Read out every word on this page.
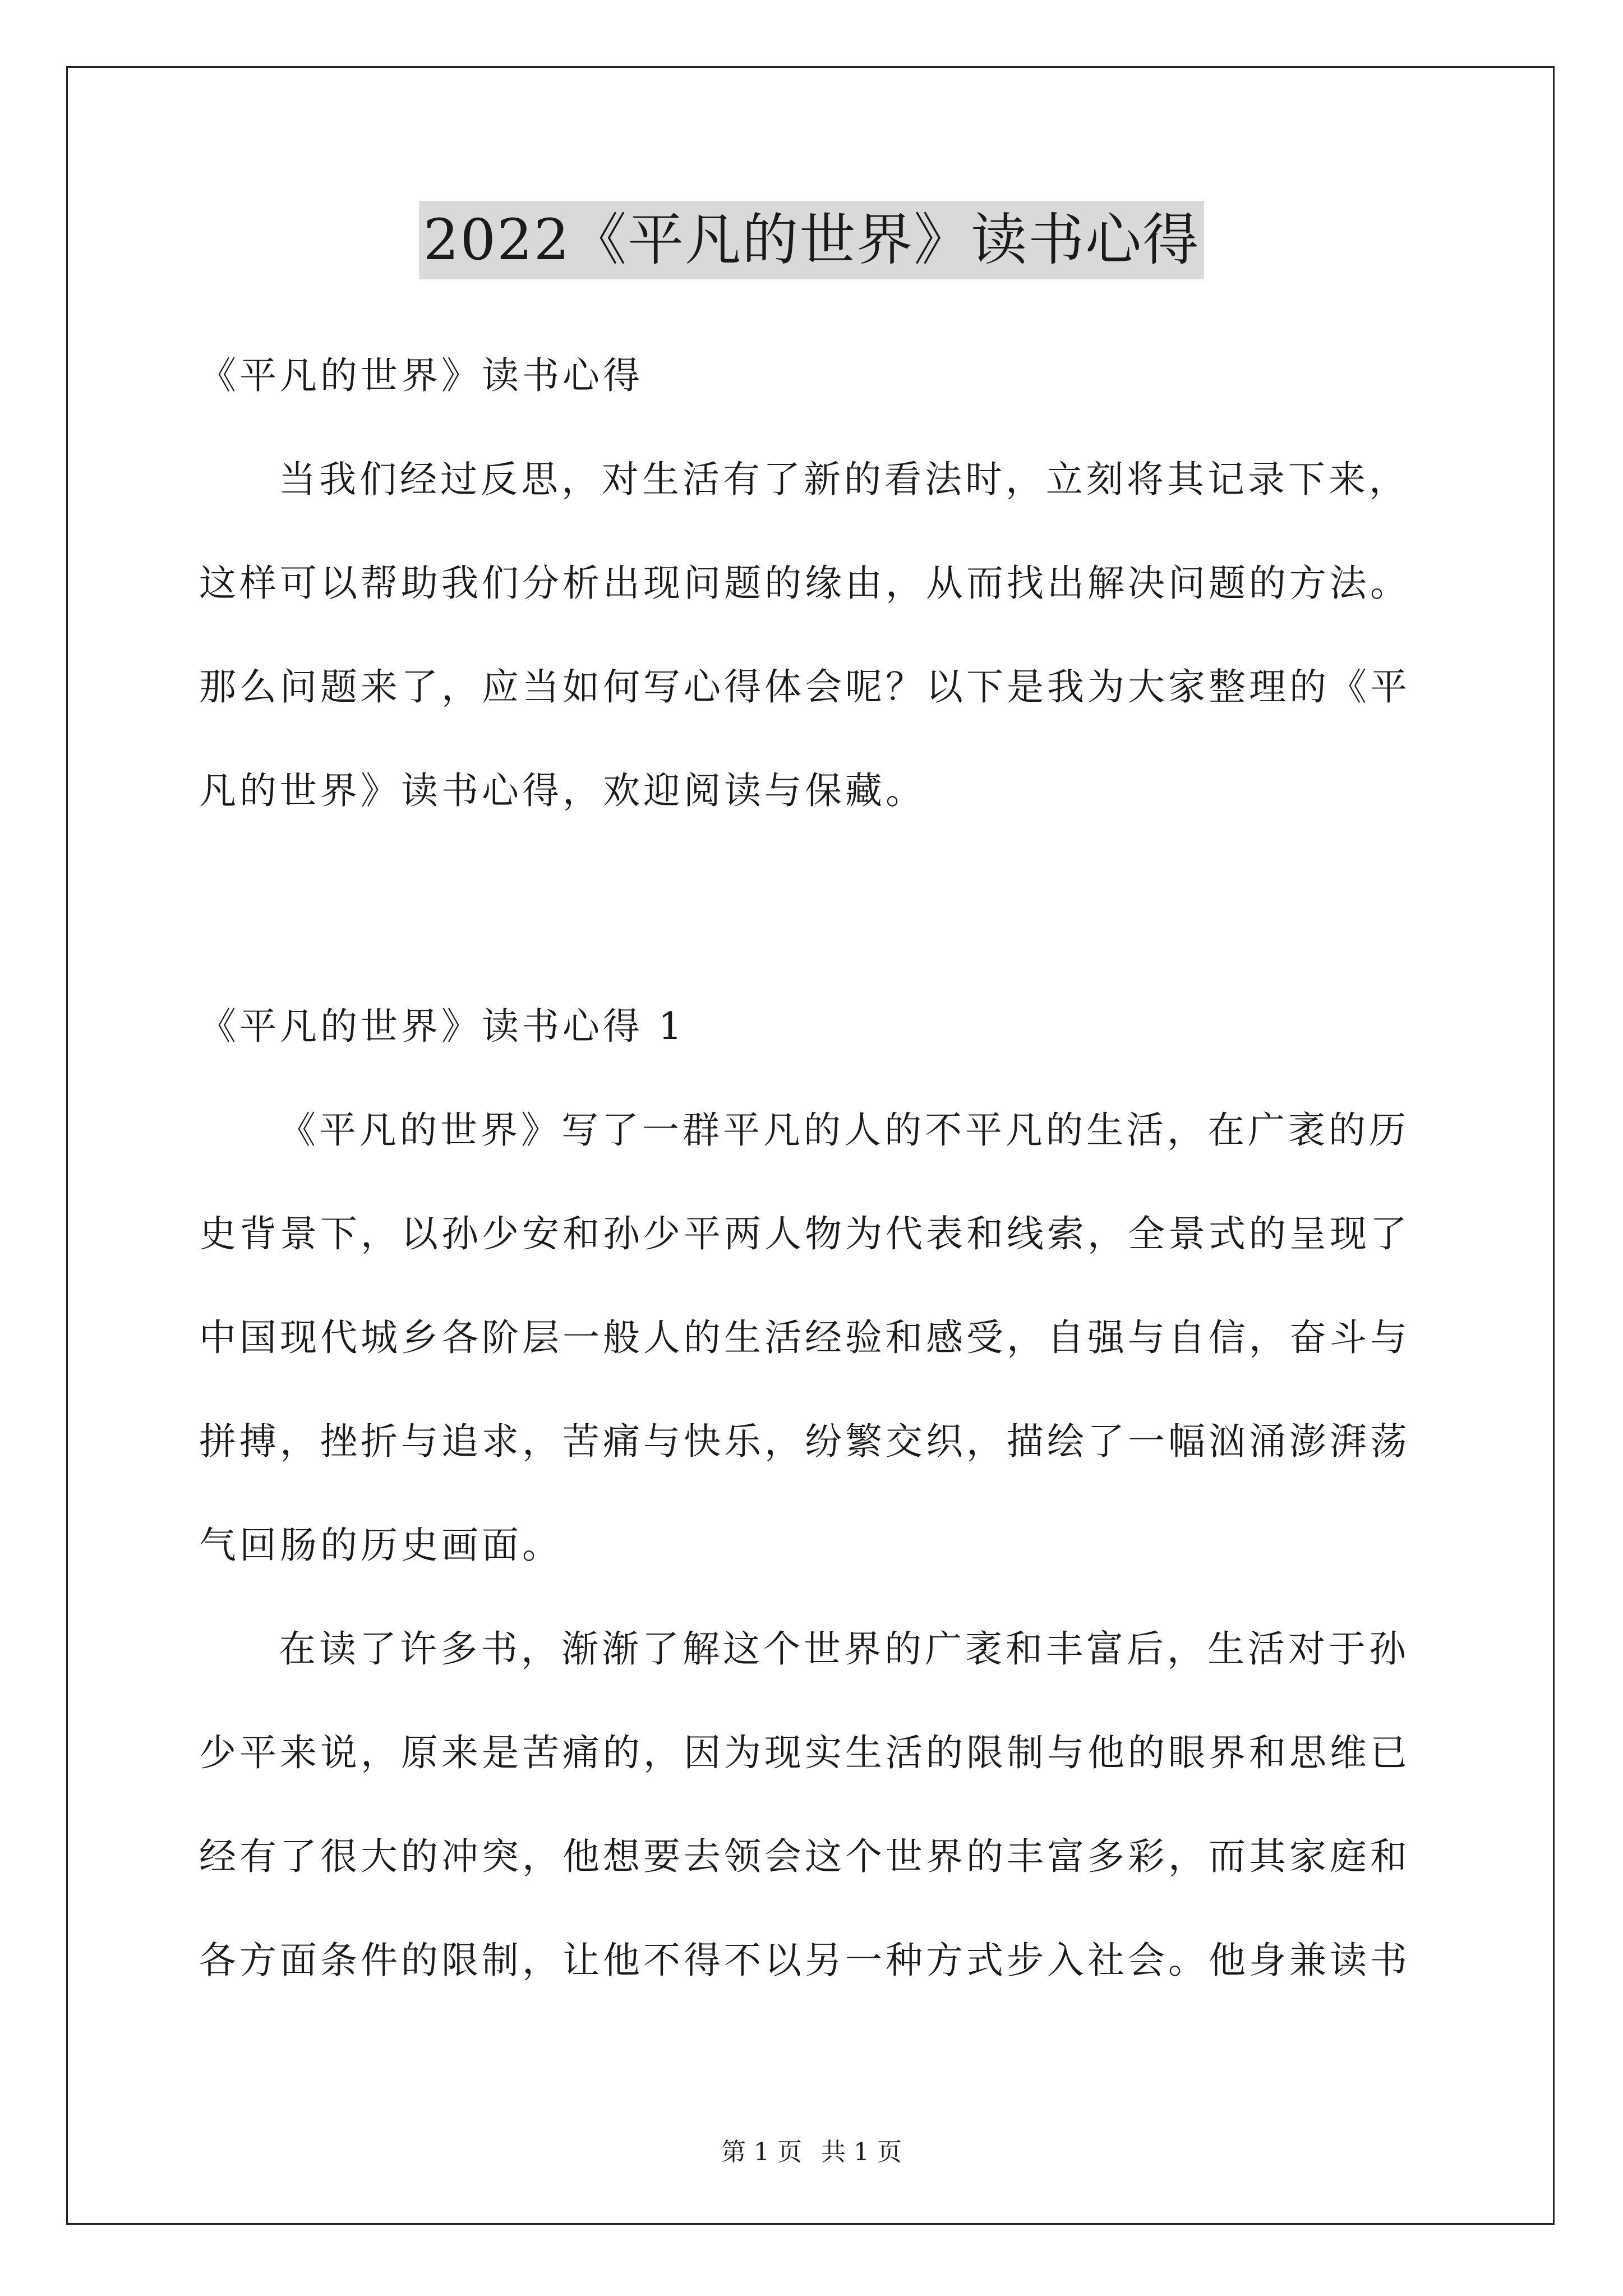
2022《平凡的世界》读书心得
《平凡的世界》读书心得
当我们经过反思，对生活有了新的看法时，立刻将其记录下来，
这样可以帮助我们分析出现问题的缘由，从而找出解决问题的方法。
那么问题来了，应当如何写心得体会呢？以下是我为大家整理的《平
凡的世界》读书心得，欢迎阅读与保藏。
《平凡的世界》读书心得 1
《平凡的世界》写了一群平凡的人的不平凡的生活，在广袤的历
史背景下，以孙少安和孙少平两人物为代表和线索，全景式的呈现了
中国现代城乡各阶层一般人的生活经验和感受，自强与自信，奋斗与
拼搏，挫折与追求，苦痛与快乐，纷繁交织，描绘了一幅汹涌澎湃荡
气回肠的历史画面。
在读了许多书，渐渐了解这个世界的广袤和丰富后，生活对于孙
少平来说，原来是苦痛的，因为现实生活的限制与他的眼界和思维已
经有了很大的冲突，他想要去领会这个世界的丰富多彩，而其家庭和
各方面条件的限制，让他不得不以另一种方式步入社会。他身兼读书
第 1 页 共 1 页
